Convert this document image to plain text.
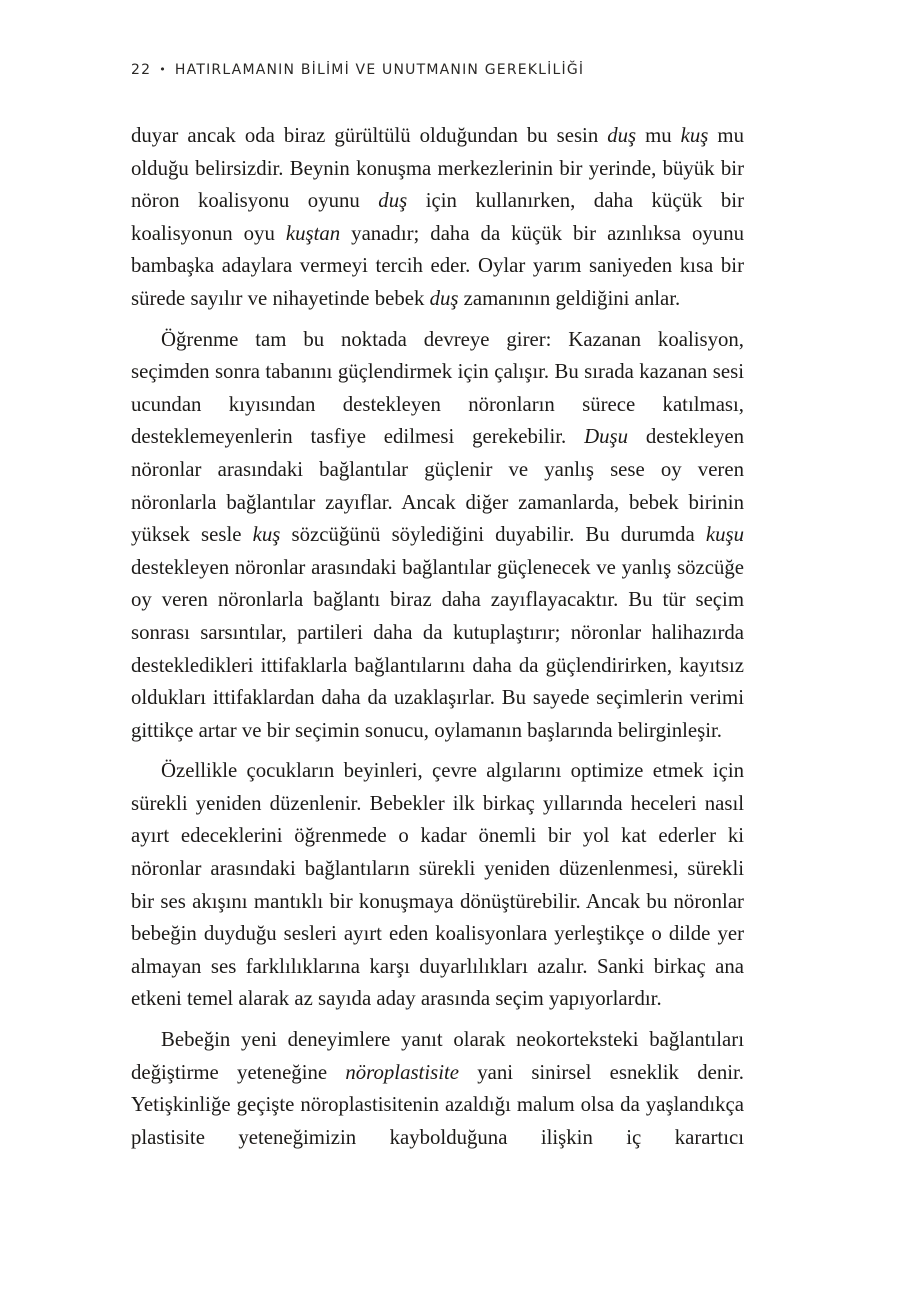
22 • HATIRLAMANIN BİLİMİ VE UNUTMANIN GEREKLİLİĞİ

duyar ancak oda biraz gürültülü olduğundan bu sesin duş mu kuş mu olduğu belirsizdir. Beynin konuşma merkezlerinin bir yerinde, büyük bir nöron koalisyonu oyunu duş için kullanırken, daha küçük bir koalisyonun oyu kuştan yanadır; daha da küçük bir azınlıksa oyunu bambaşka adaylara vermeyi tercih eder. Oylar yarım saniyeden kısa bir sürede sayılır ve nihayetinde bebek duş zamanının geldiğini anlar.

Öğrenme tam bu noktada devreye girer: Kazanan koalisyon, seçimden sonra tabanını güçlendirmek için çalışır. Bu sırada kazanan sesi ucundan kıyısından destekleyen nöronların sürece katılması, desteklemeyenlerin tasfiye edilmesi gerekebilir. Duşu destekleyen nöronlar arasındaki bağlantılar güçlenir ve yanlış sese oy veren nöronlarla bağlantılar zayıflar. Ancak diğer zamanlarda, bebek birinin yüksek sesle kuş sözcüğünü söylediğini duyabilir. Bu durumda kuşu destekleyen nöronlar arasındaki bağlantılar güçlenecek ve yanlış sözcüğe oy veren nöronlarla bağlantı biraz daha zayıflayacaktır. Bu tür seçim sonrası sarsıntılar, partileri daha da kutuplaştırır; nöronlar halihazırda destekledikleri ittifaklarla bağlantılarını daha da güçlendirirken, kayıtsız oldukları ittifaklardan daha da uzaklaşırlar. Bu sayede seçimlerin verimi gittikçe artar ve bir seçimin sonucu, oylamanın başlarında belirginleşir.

Özellikle çocukların beyinleri, çevre algılarını optimize etmek için sürekli yeniden düzenlenir. Bebekler ilk birkaç yıllarında heceleri nasıl ayırt edeceklerini öğrenmede o kadar önemli bir yol kat ederler ki nöronlar arasındaki bağlantıların sürekli yeniden düzenlenmesi, sürekli bir ses akışını mantıklı bir konuşmaya dönüştürebilir. Ancak bu nöronlar bebeğin duyduğu sesleri ayırt eden koalisyonlara yerleştikçe o dilde yer almayan ses farklılıklarına karşı duyarlılıkları azalır. Sanki birkaç ana etkeni temel alarak az sayıda aday arasında seçim yapıyorlardır.

Bebeğin yeni deneyimlere yanıt olarak neokorteksteki bağlantıları değiştirme yeteneğine nöroplastisite yani sinirsel esneklik denir. Yetişkinliğe geçişte nöroplastisitenin azaldığı malum olsa da yaşlandıkça plastisite yeteneğimizin kaybolduğuna ilişkin iç karartıcı
